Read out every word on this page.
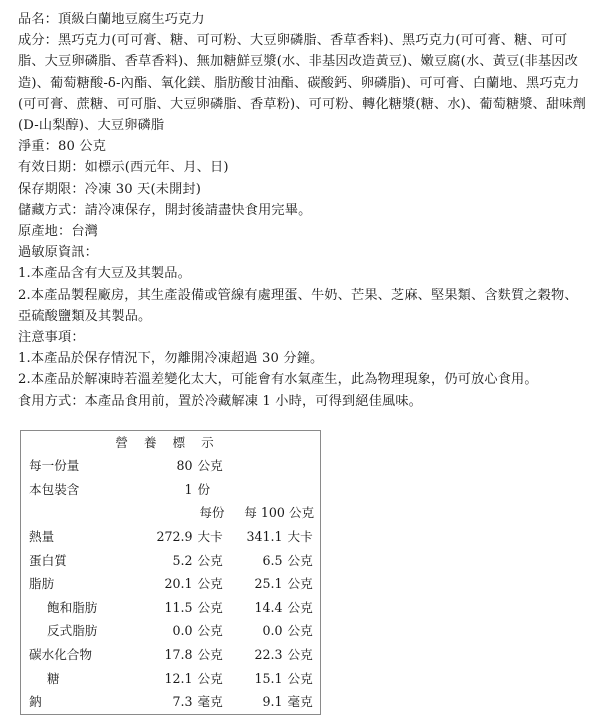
品名：頂級白蘭地豆腐生巧克力
成分：黑巧克力(可可膏、糖、可可粉、大豆卵磷脂、香草香料)、黑巧克力(可可膏、糖、可可脂、大豆卵磷脂、香草香料)、無加糖鮮豆漿(水、非基因改造黃豆)、嫩豆腐(水、黃豆(非基因改造)、葡萄糖酸-δ-內酯、氧化鎂、脂肪酸甘油酯、碳酸鈣、卵磷脂)、可可膏、白蘭地、黑巧克力(可可膏、蔗糖、可可脂、大豆卵磷脂、香草粉)、可可粉、轉化糖漿(糖、水)、葡萄糖漿、甜味劑(D-山梨醇)、大豆卵磷脂
淨重：80 公克
有效日期：如標示(西元年、月、日)
保存期限：冷凍 30 天(未開封)
儲藏方式：請冷凍保存，開封後請盡快食用完畢。
原產地：台灣
過敏原資訊：
1.本產品含有大豆及其製品。
2.本產品製程廠房，其生產設備或管線有處理蛋、牛奶、芒果、芝麻、堅果類、含麩質之穀物、亞硫酸鹽類及其製品。
注意事項：
1.本產品於保存情況下，勿離開冷凍超過 30 分鐘。
2.本產品於解凍時若溫差變化太大，可能會有水氣產生，此為物理現象，仍可放心食用。
食用方式：本產品食用前，置於冷藏解凍 1 小時，可得到絕佳風味。
營 養 標 示				
每一份量	80	公克		
本包裝含	1	份		
	每份		每 100 公克	
熱量	272.9	大卡	341.1	大卡
蛋白質	5.2	公克	6.5	公克
脂肪	20.1	公克	25.1	公克
飽和脂肪	11.5	公克	14.4	公克
反式脂肪	0.0	公克	0.0	公克
碳水化合物	17.8	公克	22.3	公克
糖	12.1	公克	15.1	公克
鈉	7.3	毫克	9.1	毫克
